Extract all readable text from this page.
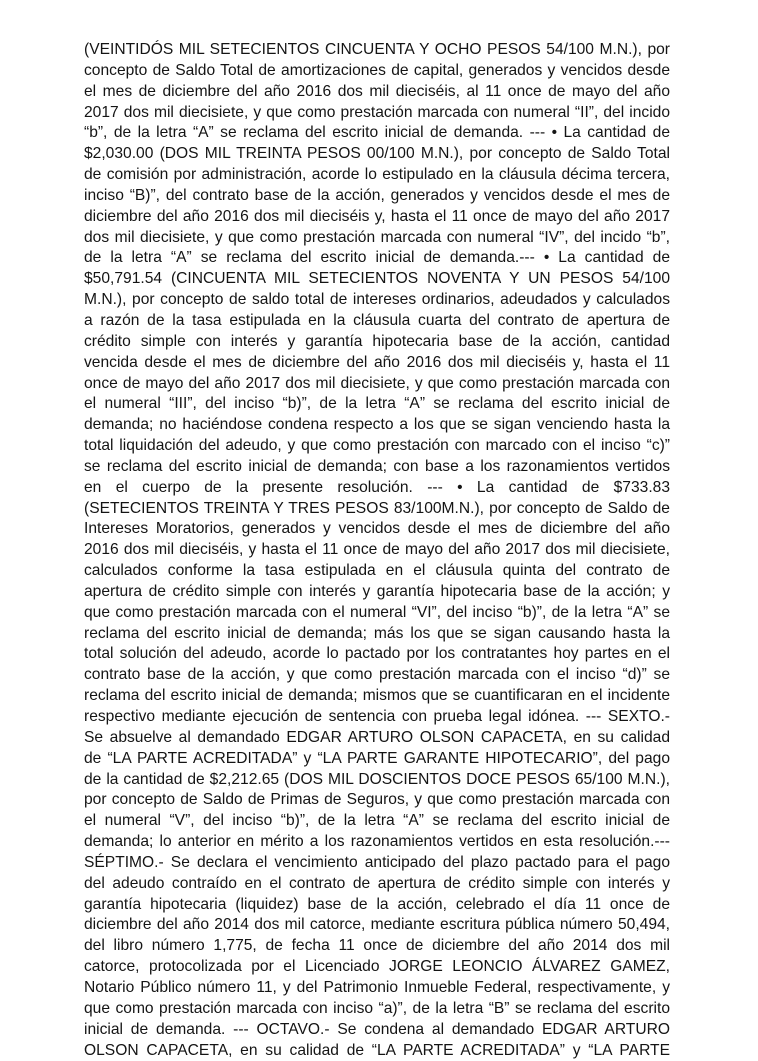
(VEINTIDÓS MIL SETECIENTOS CINCUENTA Y OCHO PESOS 54/100 M.N.), por
concepto de Saldo Total de amortizaciones de capital, generados y vencidos desde
el mes de diciembre del año 2016 dos mil dieciséis, al 11 once de mayo del año
2017 dos mil diecisiete, y que como prestación marcada con numeral “II”, del incido
“b”, de la letra “A” se reclama del escrito inicial de demanda. --- • La cantidad de
$2,030.00 (DOS MIL TREINTA PESOS 00/100 M.N.), por concepto de Saldo Total
de comisión por administración, acorde lo estipulado en la cláusula décima tercera,
inciso “B)”, del contrato base de la acción, generados y vencidos desde el mes de
diciembre del año 2016 dos mil dieciséis y, hasta el 11 once de mayo del año 2017
dos mil diecisiete, y que como prestación marcada con numeral “IV”, del incido “b”,
de la letra “A” se reclama del escrito inicial de demanda.--- • La cantidad de
$50,791.54 (CINCUENTA MIL SETECIENTOS NOVENTA Y UN PESOS 54/100
M.N.), por concepto de saldo total de intereses ordinarios, adeudados y calculados
a razón de la tasa estipulada en la cláusula cuarta del contrato de apertura de
crédito simple con interés y garantía hipotecaria base de la acción, cantidad
vencida desde el mes de diciembre del año 2016 dos mil dieciséis y, hasta el 11
once de mayo del año 2017 dos mil diecisiete, y que como prestación marcada con
el numeral “III”, del inciso “b)”, de la letra “A” se reclama del escrito inicial de
demanda; no haciéndose condena respecto a los que se sigan venciendo hasta la
total liquidación del adeudo, y que como prestación con marcado con el inciso “c)”
se reclama del escrito inicial de demanda; con base a los razonamientos vertidos
en el cuerpo de la presente resolución. --- • La cantidad de $733.83
(SETECIENTOS TREINTA Y TRES PESOS 83/100M.N.), por concepto de Saldo de
Intereses Moratorios, generados y vencidos desde el mes de diciembre del año
2016 dos mil dieciséis, y hasta el 11 once de mayo del año 2017 dos mil diecisiete,
calculados conforme la tasa estipulada en el cláusula quinta del contrato de
apertura de crédito simple con interés y garantía hipotecaria base de la acción; y
que como prestación marcada con el numeral “VI”, del inciso “b)”, de la letra “A” se
reclama del escrito inicial de demanda; más los que se sigan causando hasta la
total solución del adeudo, acorde lo pactado por los contratantes hoy partes en el
contrato base de la acción, y que como prestación marcada con el inciso “d)” se
reclama del escrito inicial de demanda; mismos que se cuantificaran en el incidente
respectivo mediante ejecución de sentencia con prueba legal idónea. --- SEXTO.-
Se absuelve al demandado EDGAR ARTURO OLSON CAPACETA, en su calidad
de “LA PARTE ACREDITADA” y “LA PARTE GARANTE HIPOTECARIO”, del pago
de la cantidad de $2,212.65 (DOS MIL DOSCIENTOS DOCE PESOS 65/100 M.N.),
por concepto de Saldo de Primas de Seguros, y que como prestación marcada con
el numeral “V”, del inciso “b)”, de la letra “A” se reclama del escrito inicial de
demanda; lo anterior en mérito a los razonamientos vertidos en esta resolución.---
SÉPTIMO.- Se declara el vencimiento anticipado del plazo pactado para el pago
del adeudo contraído en el contrato de apertura de crédito simple con interés y
garantía hipotecaria (liquidez) base de la acción, celebrado el día 11 once de
diciembre del año 2014 dos mil catorce, mediante escritura pública número 50,494,
del libro número 1,775, de fecha 11 once de diciembre del año 2014 dos mil
catorce, protocolizada por el Licenciado JORGE LEONCIO ÁLVAREZ GAMEZ,
Notario Público número 11, y del Patrimonio Inmueble Federal, respectivamente, y
que como prestación marcada con inciso “a)”, de la letra “B” se reclama del escrito
inicial de demanda. --- OCTAVO.- Se condena al demandado EDGAR ARTURO
OLSON CAPACETA, en su calidad de “LA PARTE ACREDITADA” y “LA PARTE
